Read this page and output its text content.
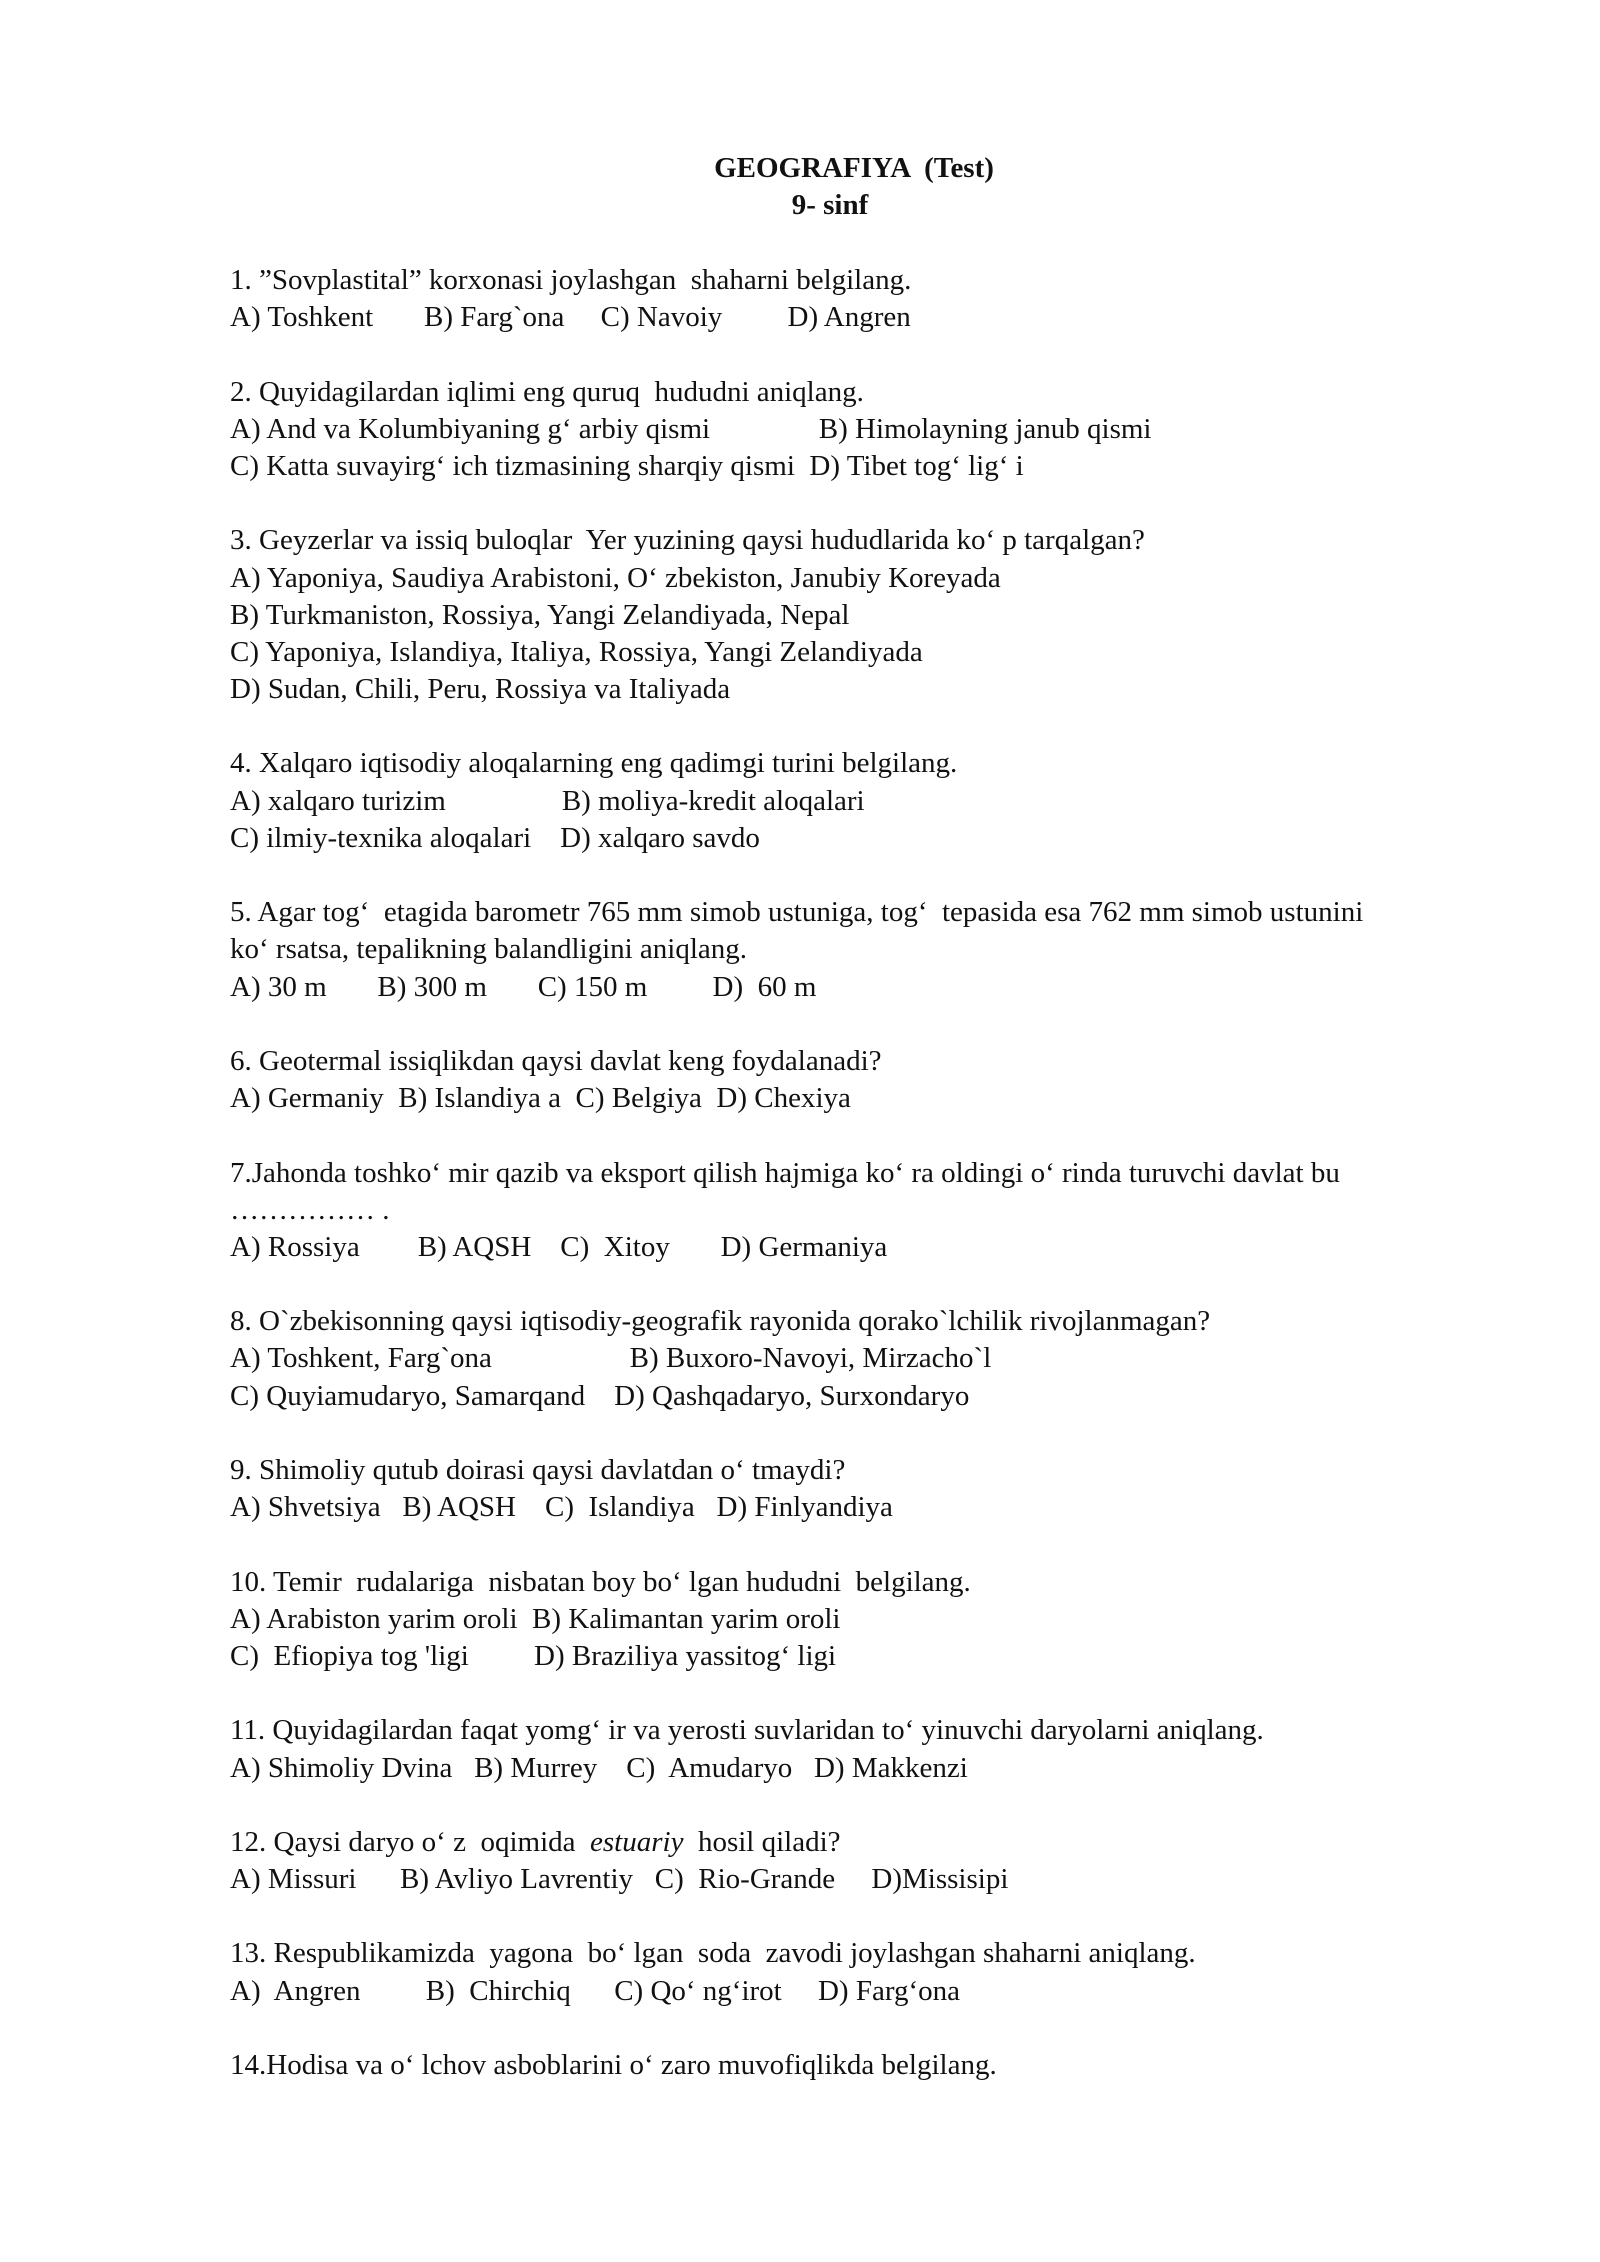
GEOGRAFIYA  (Test)
9- sinf
1. ”Sovplastital” korxonasi joylashgan  shaharni belgilang.
A) Toshkent       B) Farg`ona     C) Navoiy         D) Angren
2. Quyidagilardan iqlimi eng quruq  hududni aniqlang.
A) And va Kolumbiyaning g‘ arbiy qismi               B) Himolayning janub qismi
C) Katta suvayirg‘ ich tizmasining sharqiy qismi  D) Tibet tog‘ lig‘ i
3. Geyzerlar va issiq buloqlar  Yer yuzining qaysi hududlarida ko‘ p tarqalgan?
A) Yaponiya, Saudiya Arabistoni, O‘ zbekiston, Janubiy Koreyada
B) Turkmaniston, Rossiya, Yangi Zelandiyada, Nepal
C) Yaponiya, Islandiya, Italiya, Rossiya, Yangi Zelandiyada
D) Sudan, Chili, Peru, Rossiya va Italiyada
4. Xalqaro iqtisodiy aloqalarning eng qadimgi turini belgilang.
A) xalqaro turizim                B) moliya-kredit aloqalari
C) ilmiy-texnika aloqalari    D) xalqaro savdo
5. Agar tog‘  etagida barometr 765 mm simob ustuniga, tog‘  tepasida esa 762 mm simob ustunini
ko‘ rsatsa, tepalikning balandligini aniqlang.
A) 30 m       B) 300 m       C) 150 m         D)  60 m
6. Geotermal issiqlikdan qaysi davlat keng foydalanadi?
A) Germaniy  B) Islandiya a  C) Belgiya  D) Chexiya
7.Jahonda toshko‘ mir qazib va eksport qilish hajmiga ko‘ ra oldingi o‘ rinda turuvchi davlat bu
…………… .
A) Rossiya        B) AQSH    C)  Xitoy       D) Germaniya
8. O`zbekisonning qaysi iqtisodiy-geografik rayonida qorako`lchilik rivojlanmagan?
A) Toshkent, Farg`ona                   B) Buxoro-Navoyi, Mirzacho`l
C) Quyiamudaryo, Samarqand    D) Qashqadaryo, Surxondaryo
9. Shimoliy qutub doirasi qaysi davlatdan o‘ tmaydi?
A) Shvetsiya   B) AQSH    C)  Islandiya   D) Finlyandiya
10. Temir  rudalariga  nisbatan boy bo‘ lgan hududni  belgilang.
A) Arabiston yarim oroli  B) Kalimantan yarim oroli
C)  Efiopiya tog 'ligi         D) Braziliya yassitog‘ ligi
11. Quyidagilardan faqat yomg‘ ir va yerosti suvlaridan to‘ yinuvchi daryolarni aniqlang.
A) Shimoliy Dvina   B) Murrey    C)  Amudaryo   D) Makkenzi
12. Qaysi daryo o‘ z  oqimida  estuariy  hosil qiladi?
A) Missuri      B) Avliyo Lavrentiy   C)  Rio-Grande     D)Missisipi
13. Respublikamizda  yagona  bo‘ lgan  soda  zavodi joylashgan shaharni aniqlang.
A)  Angren         B)  Chirchiq      C) Qo‘ ng‘irot     D) Farg‘ona
14.Hodisa va o‘ lchov asboblarini o‘ zaro muvofiqlikda belgilang.
